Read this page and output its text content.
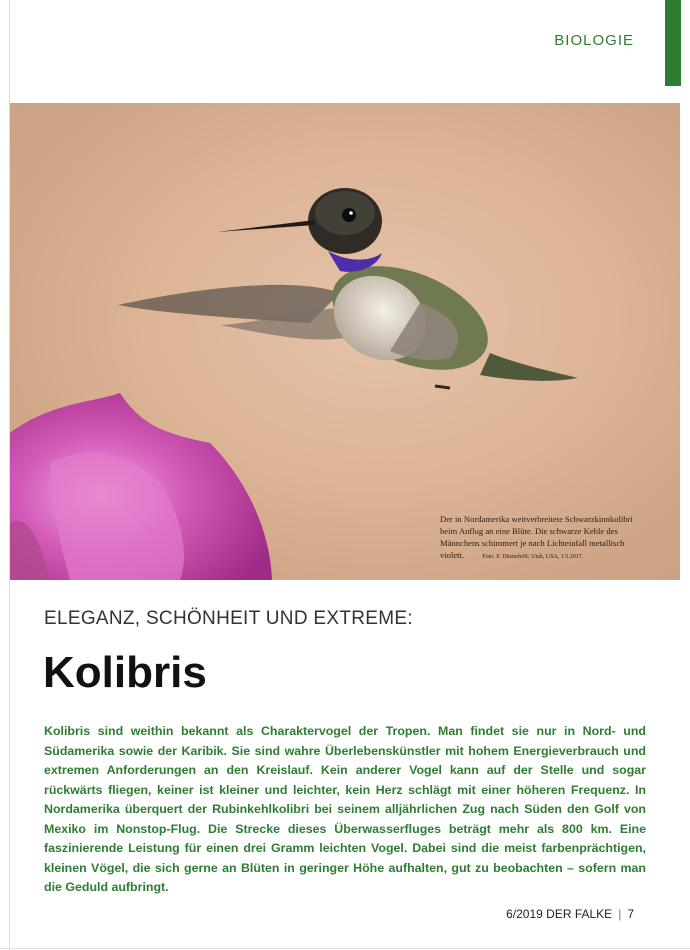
BIOLOGIE
Der in Nordamerika weitverbreitete Schwarzkinnkolibri beim Anflug an eine Blüte. Die schwarze Kehle des Männchens schimmert je nach Lichteinfall metallisch violett.	Foto: F. Düsterhöft; Utah, USA, 1.5.2017.
ELEGANZ, SCHÖNHEIT UND EXTREME:
Kolibris

Kolibris sind weithin bekannt als Charaktervogel der Tropen. Man findet sie nur in Nord- und Südamerika sowie der Karibik. Sie sind wahre Überlebenskünstler mit hohem Energieverbrauch und extremen Anforderungen an den Kreislauf. Kein anderer Vogel kann auf der Stelle und sogar rückwärts fliegen, keiner ist kleiner und leichter, kein Herz schlägt mit einer höheren Frequenz. In Nordamerika überquert der Rubinkehlkolibri bei seinem alljährlichen Zug nach Süden den Golf von Mexiko im Nonstop-Flug. Die Strecke dieses Überwasserfluges beträgt mehr als 800 km. Eine faszinierende Leistung für einen drei Gramm leichten Vogel. Dabei sind die meist farbenprächtigen, kleinen Vögel, die sich gerne an Blüten in geringer Höhe aufhalten, gut zu beobachten – sofern man die Geduld aufbringt.

6/2019 DER FALKE | 7
